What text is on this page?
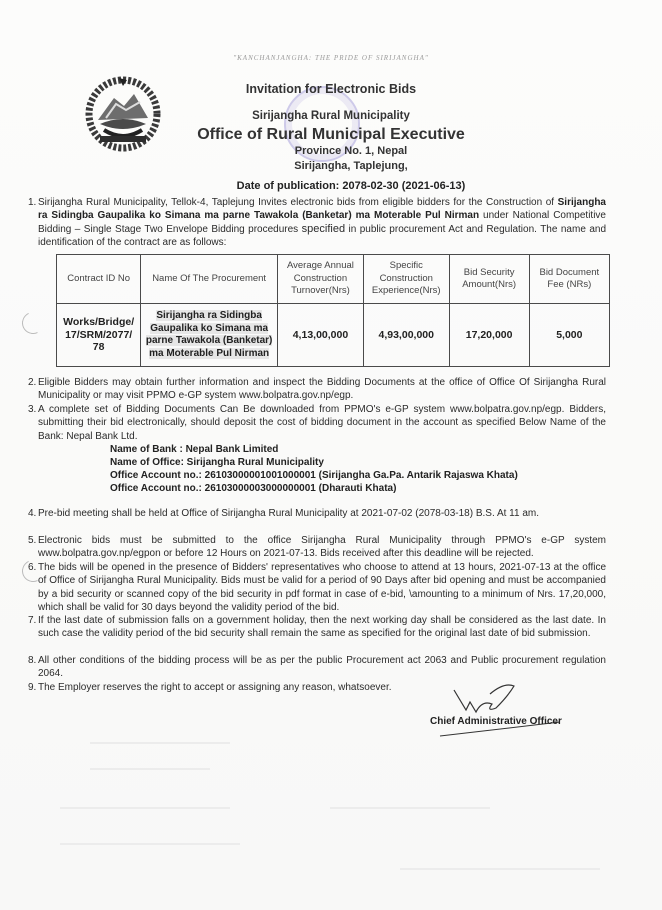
"KANCHANJANGHA: THE PRIDE OF SIRIJANGHA"
Invitation for Electronic Bids
Sirijangha Rural Municipality
Office of Rural Municipal Executive
Province No. 1, Nepal
Sirijangha, Taplejung,
Date of publication: 2078-02-30 (2021-06-13)
1. Sirijangha Rural Municipality, Tellok-4, Taplejung Invites electronic bids from eligible bidders for the Construction of Sirijangha ra Sidingba Gaupalika ko Simana ma parne Tawakola (Banketar) ma Moterable Pul Nirman under National Competitive Bidding – Single Stage Two Envelope Bidding procedures specified in public procurement Act and Regulation. The name and identification of the contract are as follows:
Contract ID No	Name Of The Procurement	Average Annual Construction Turnover(Nrs)	Specific Construction Experience(Nrs)	Bid Security Amount(Nrs)	Bid Document Fee (NRs)
Works/Bridge/ 17/SRM/2077/ 78	Sirijangha ra Sidingba Gaupalika ko Simana ma parne Tawakola (Banketar) ma Moterable Pul Nirman	4,13,00,000	4,93,00,000	17,20,000	5,000
2. Eligible Bidders may obtain further information and inspect the Bidding Documents at the office of Office Of Sirijangha Rural Municipality or may visit PPMO e-GP system www.bolpatra.gov.np/egp.
3. A complete set of Bidding Documents Can Be downloaded from PPMO's e-GP system www.bolpatra.gov.np/egp. Bidders, submitting their bid electronically, should deposit the cost of bidding document in the account as specified Below Name of the Bank: Nepal Bank Ltd.
Name of Bank : Nepal Bank Limited
Name of Office: Sirijangha Rural Municipality
Office Account no.: 26103000001001000001 (Sirijangha Ga.Pa. Antarik Rajaswa Khata)
Office Account no.: 26103000003000000001 (Dharauti Khata)
4. Pre-bid meeting shall be held at Office of Sirijangha Rural Municipality at 2021-07-02 (2078-03-18) B.S. At 11 am.
5. Electronic bids must be submitted to the office Sirijangha Rural Municipality through PPMO's e-GP system www.bolpatra.gov.np/egpon or before 12 Hours on 2021-07-13. Bids received after this deadline will be rejected.
6. The bids will be opened in the presence of Bidders' representatives who choose to attend at 13 hours, 2021-07-13 at the office of Office of Sirijangha Rural Municipality. Bids must be valid for a period of 90 Days after bid opening and must be accompanied by a bid security or scanned copy of the bid security in pdf format in case of e-bid, \amounting to a minimum of Nrs. 17,20,000, which shall be valid for 30 days beyond the validity period of the bid.
7. If the last date of submission falls on a government holiday, then the next working day shall be considered as the last date. In such case the validity period of the bid security shall remain the same as specified for the original last date of bid submission.
8. All other conditions of the bidding process will be as per the public Procurement act 2063 and Public procurement regulation 2064.
9. The Employer reserves the right to accept or assigning any reason, whatsoever.
Chief Administrative Officer
